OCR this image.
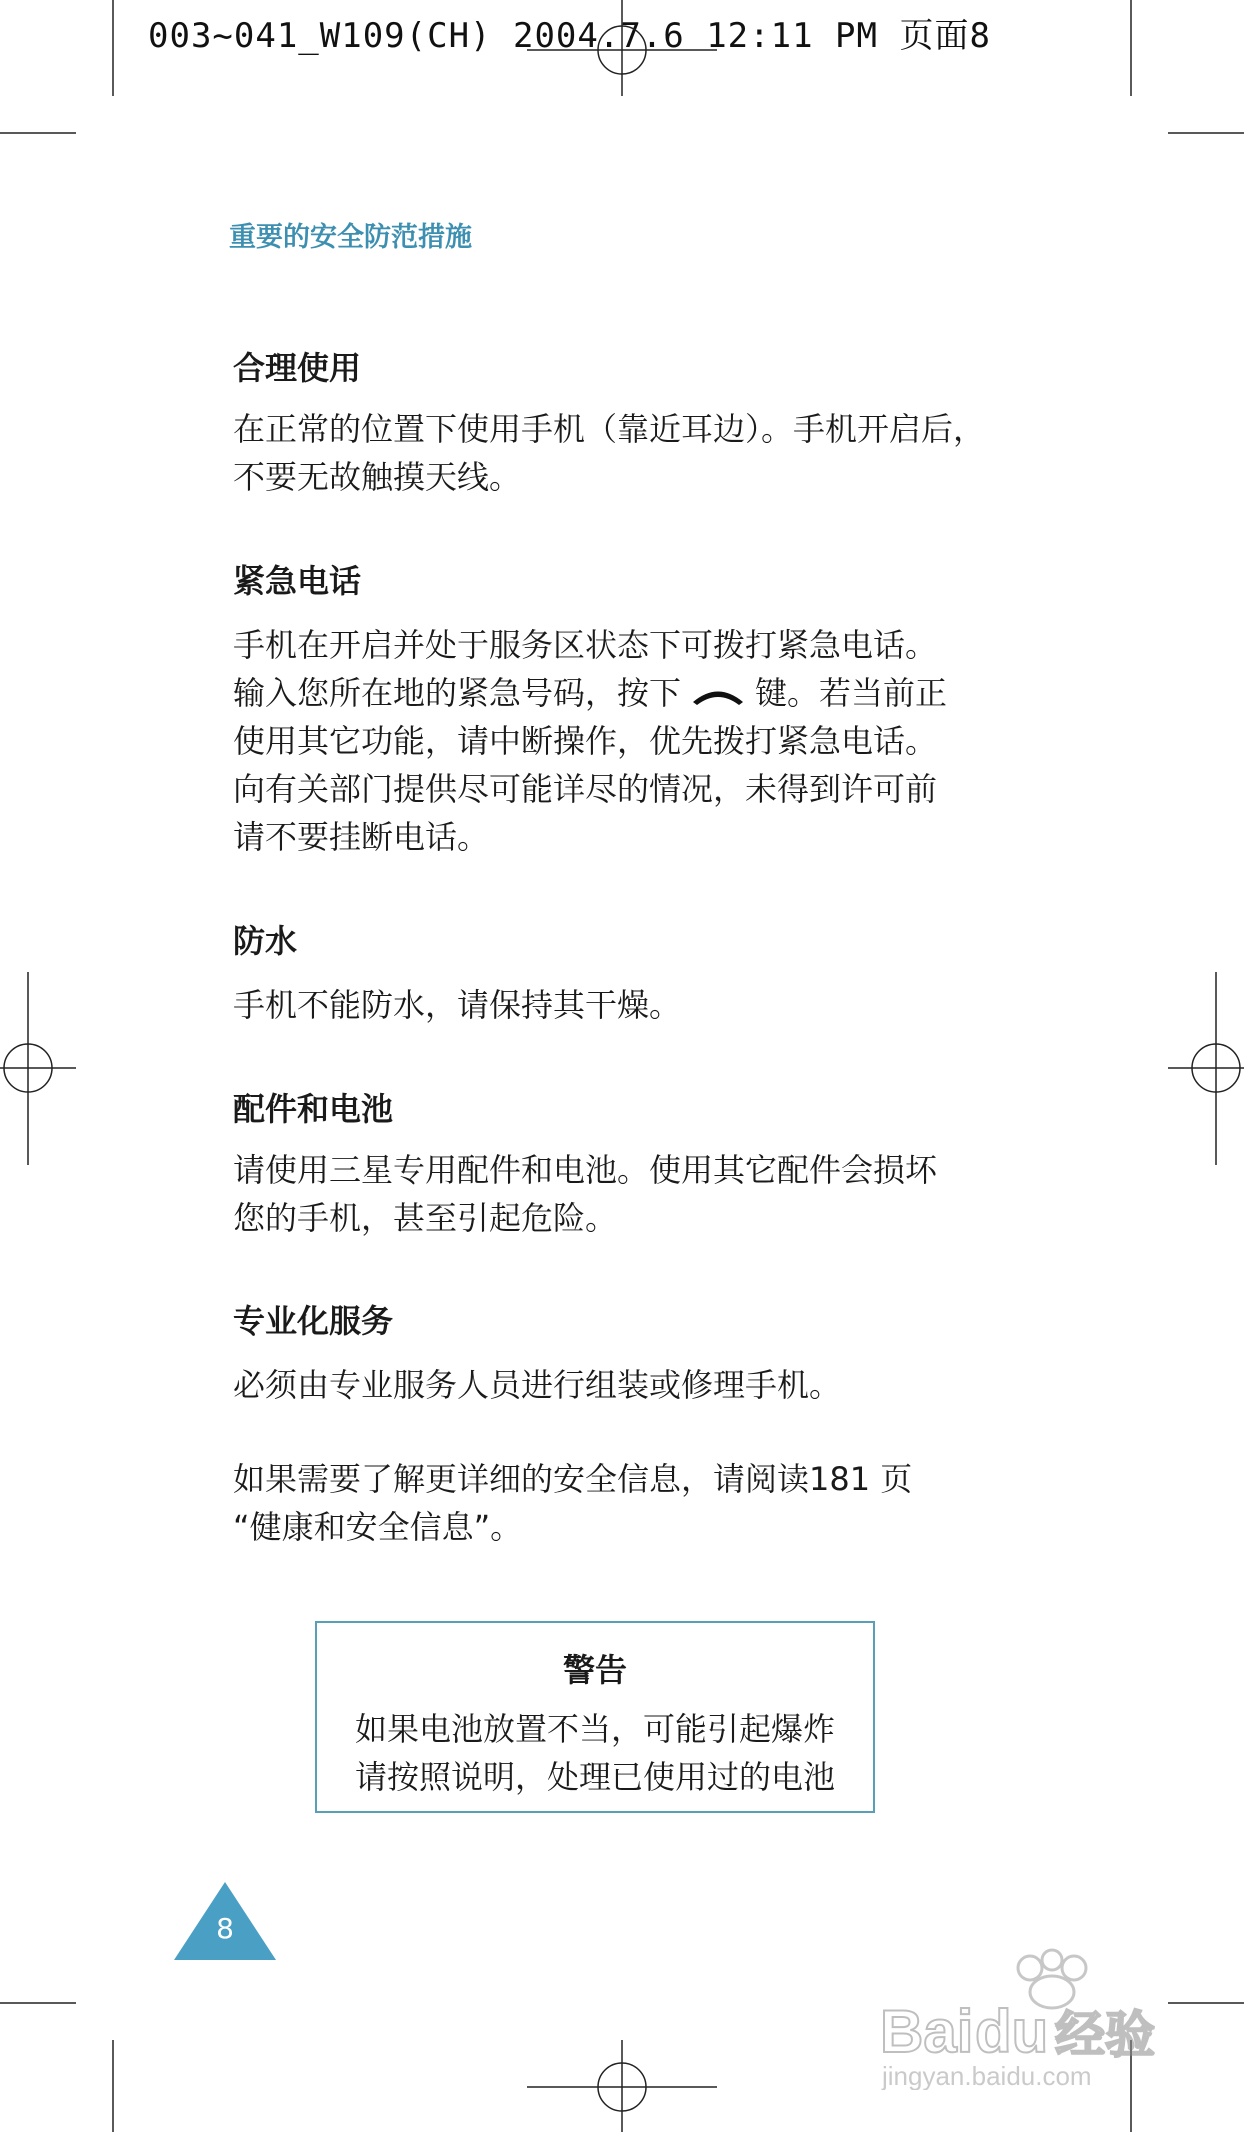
003~041_W109(CH) 2004.7.6 12:11 PM 页面8
重要的安全防范措施
合理使用
在正常的位置下使用手机（靠近耳边）。手机开启后，
不要无故触摸天线。
紧急电话
手机在开启并处于服务区状态下可拨打紧急电话。
输入您所在地的紧急号码，按下 键。若当前正
使用其它功能，请中断操作，优先拨打紧急电话。
向有关部门提供尽可能详尽的情况，未得到许可前
请不要挂断电话。
防水
手机不能防水，请保持其干燥。
配件和电池
请使用三星专用配件和电池。使用其它配件会损坏
您的手机，甚至引起危险。
专业化服务
必须由专业服务人员进行组装或修理手机。
如果需要了解更详细的安全信息，请阅读181 页
“健康和安全信息”。
警告
如果电池放置不当，可能引起爆炸
请按照说明，处理已使用过的电池
8
Bai du 经验
jingyan.baidu.com
